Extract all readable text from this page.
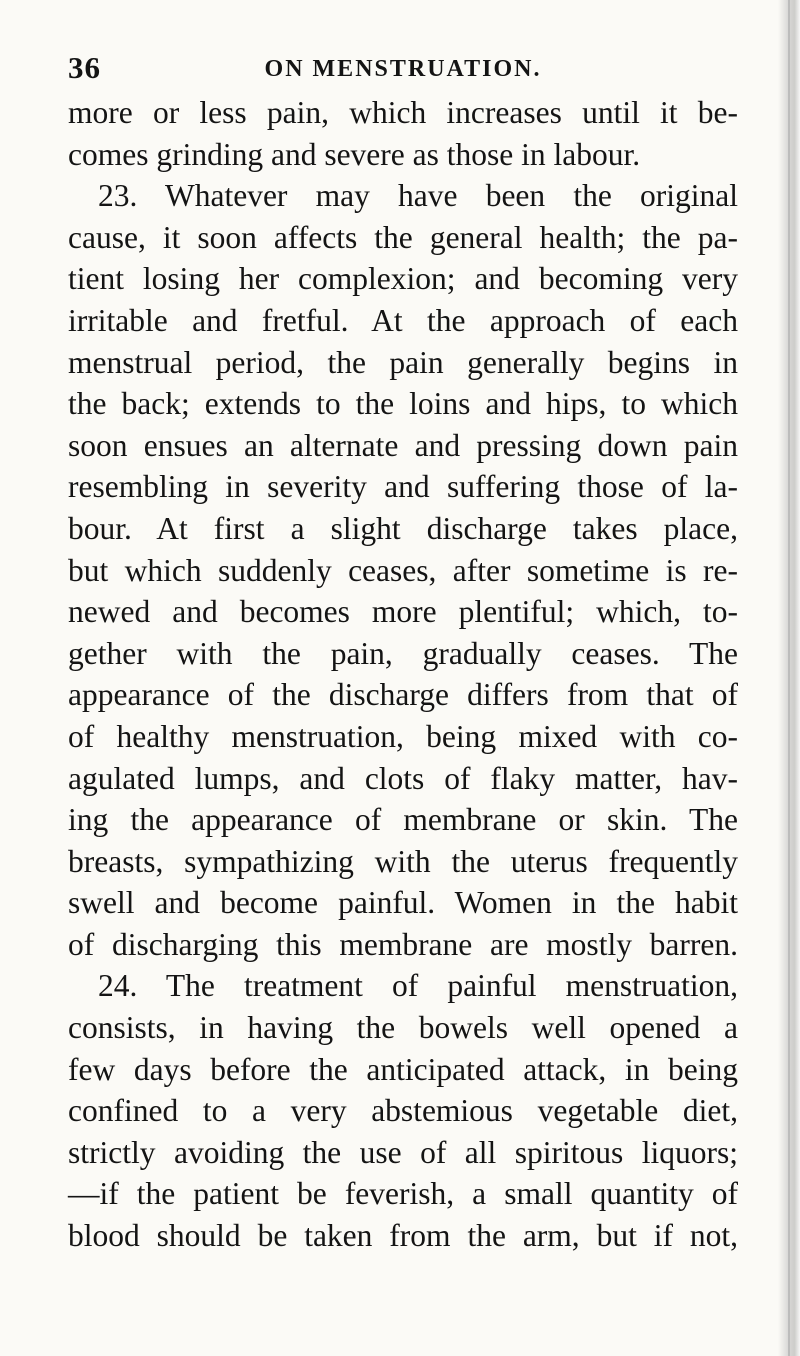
36	ON MENSTRUATION.
more or less pain, which increases until it be-
comes grinding and severe as those in labour.
23. Whatever may have been the original
cause, it soon affects the general health; the pa-
tient losing her complexion; and becoming very
irritable and fretful. At the approach of each
menstrual period, the pain generally begins in
the back; extends to the loins and hips, to which
soon ensues an alternate and pressing down pain
resembling in severity and suffering those of la-
bour. At first a slight discharge takes place,
but which suddenly ceases, after sometime is re-
newed and becomes more plentiful; which, to-
gether with the pain, gradually ceases. The
appearance of the discharge differs from that of
of healthy menstruation, being mixed with co-
agulated lumps, and clots of flaky matter, hav-
ing the appearance of membrane or skin. The
breasts, sympathizing with the uterus frequently
swell and become painful. Women in the habit
of discharging this membrane are mostly barren.
24. The treatment of painful menstruation,
consists, in having the bowels well opened a
few days before the anticipated attack, in being
confined to a very abstemious vegetable diet,
strictly avoiding the use of all spiritous liquors;
—if the patient be feverish, a small quantity of
blood should be taken from the arm, but if not,
